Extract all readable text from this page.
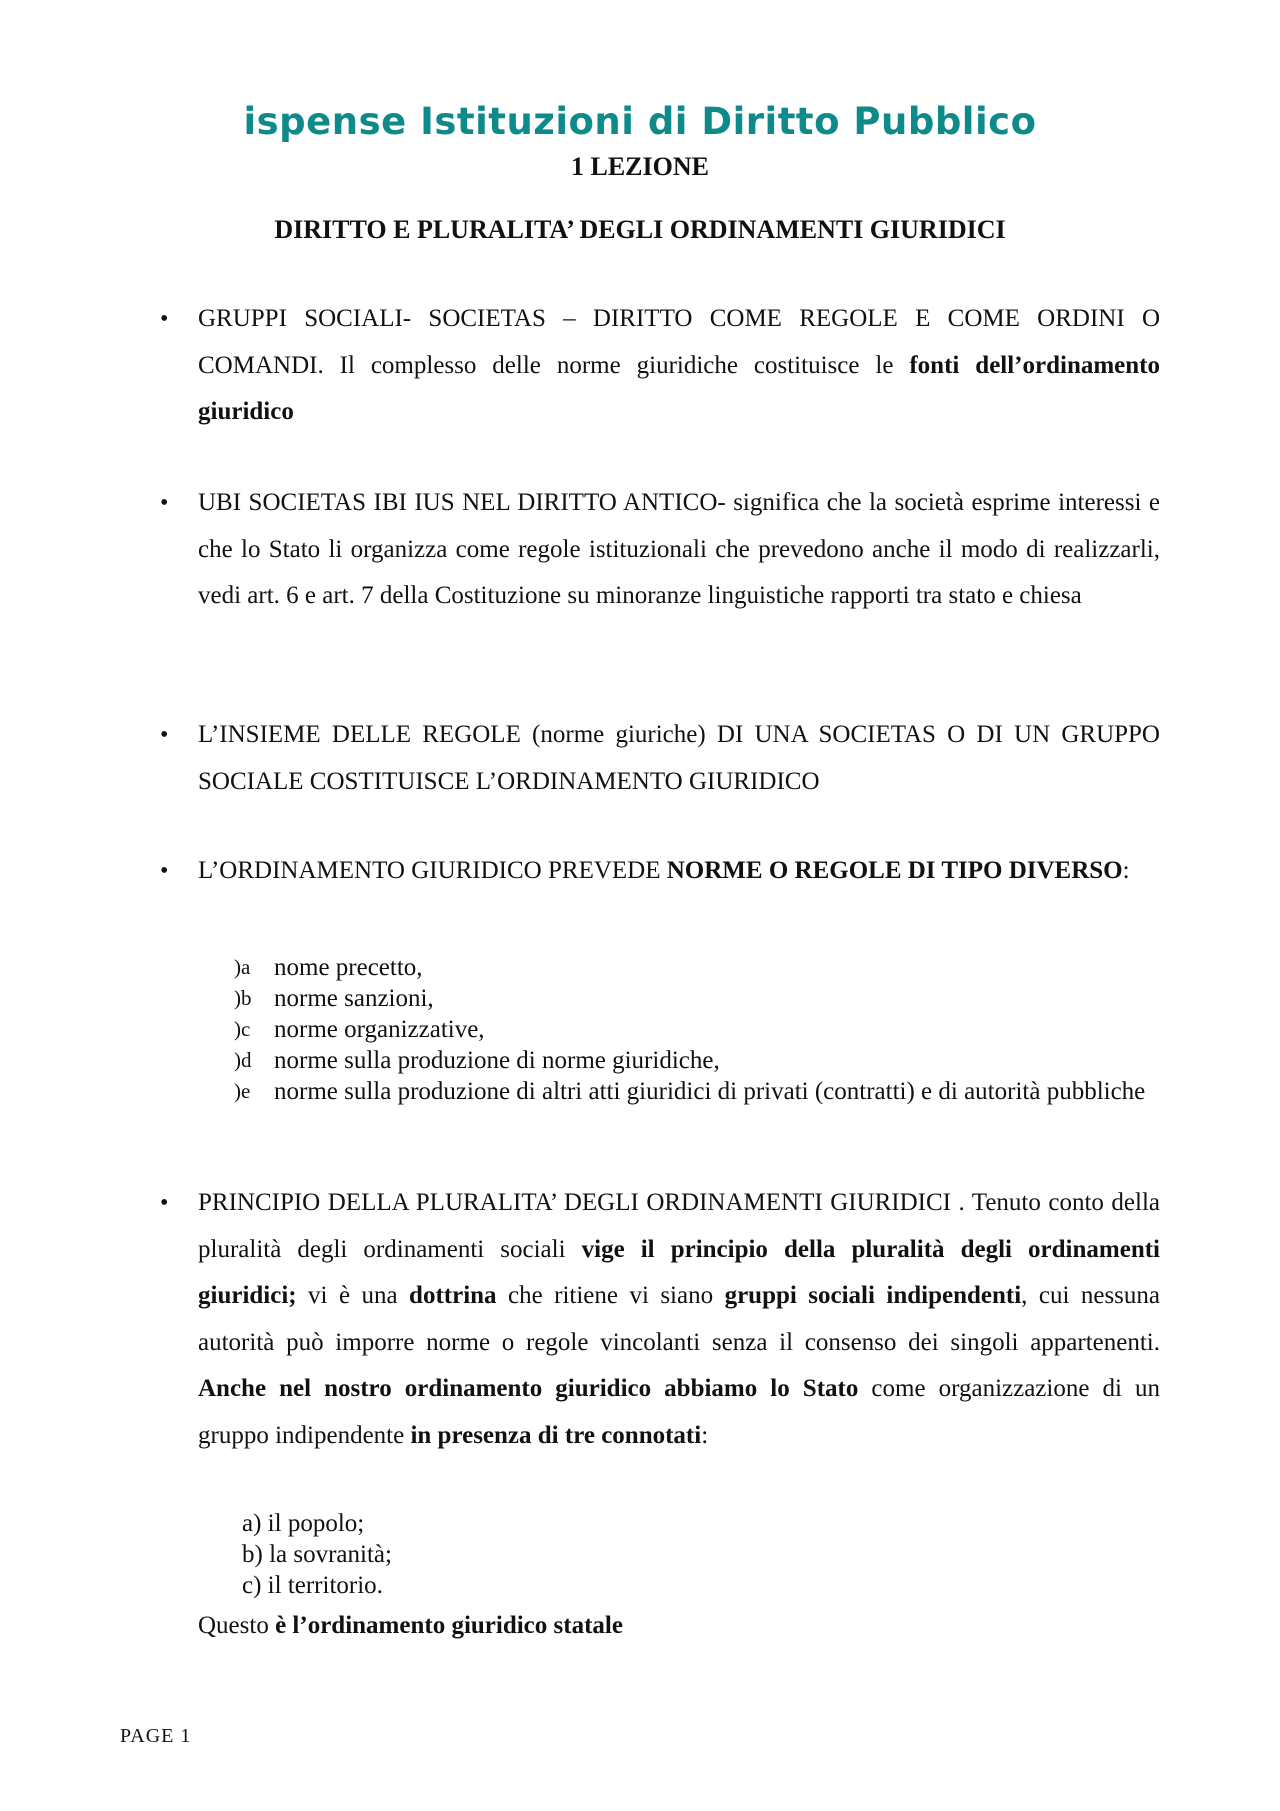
ispense Istituzioni di Diritto Pubblico
1 LEZIONE
DIRITTO E PLURALITA’ DEGLI ORDINAMENTI GIURIDICI
• GRUPPI SOCIALI- SOCIETAS – DIRITTO COME REGOLE E COME ORDINI O COMANDI. Il complesso delle norme giuridiche costituisce le fonti dell’ordinamento giuridico
• UBI SOCIETAS IBI IUS NEL DIRITTO ANTICO- significa che la società esprime interessi e che lo Stato li organizza come regole istituzionali che prevedono anche il modo di realizzarli, vedi art. 6 e art. 7 della Costituzione su minoranze linguistiche rapporti tra stato e chiesa
• L’INSIEME DELLE REGOLE (norme giuriche) DI UNA SOCIETAS O DI UN GRUPPO SOCIALE COSTITUISCE L’ORDINAMENTO GIURIDICO
• L’ORDINAMENTO GIURIDICO PREVEDE NORME O REGOLE DI TIPO DIVERSO:
)a nome precetto,
)b norme sanzioni,
)c norme organizzative,
)d norme sulla produzione di norme giuridiche,
)e norme sulla produzione di altri atti giuridici di privati (contratti) e di autorità pubbliche
• PRINCIPIO DELLA PLURALITA’ DEGLI ORDINAMENTI GIURIDICI . Tenuto conto della pluralità degli ordinamenti sociali vige il principio della pluralità degli ordinamenti giuridici; vi è una dottrina che ritiene vi siano gruppi sociali indipendenti, cui nessuna autorità può imporre norme o regole vincolanti senza il consenso dei singoli appartenenti. Anche nel nostro ordinamento giuridico abbiamo lo Stato come organizzazione di un gruppo indipendente in presenza di tre connotati:
a) il popolo;
b) la sovranità;
c) il territorio.
Questo è l’ordinamento giuridico statale
PAGE 1
